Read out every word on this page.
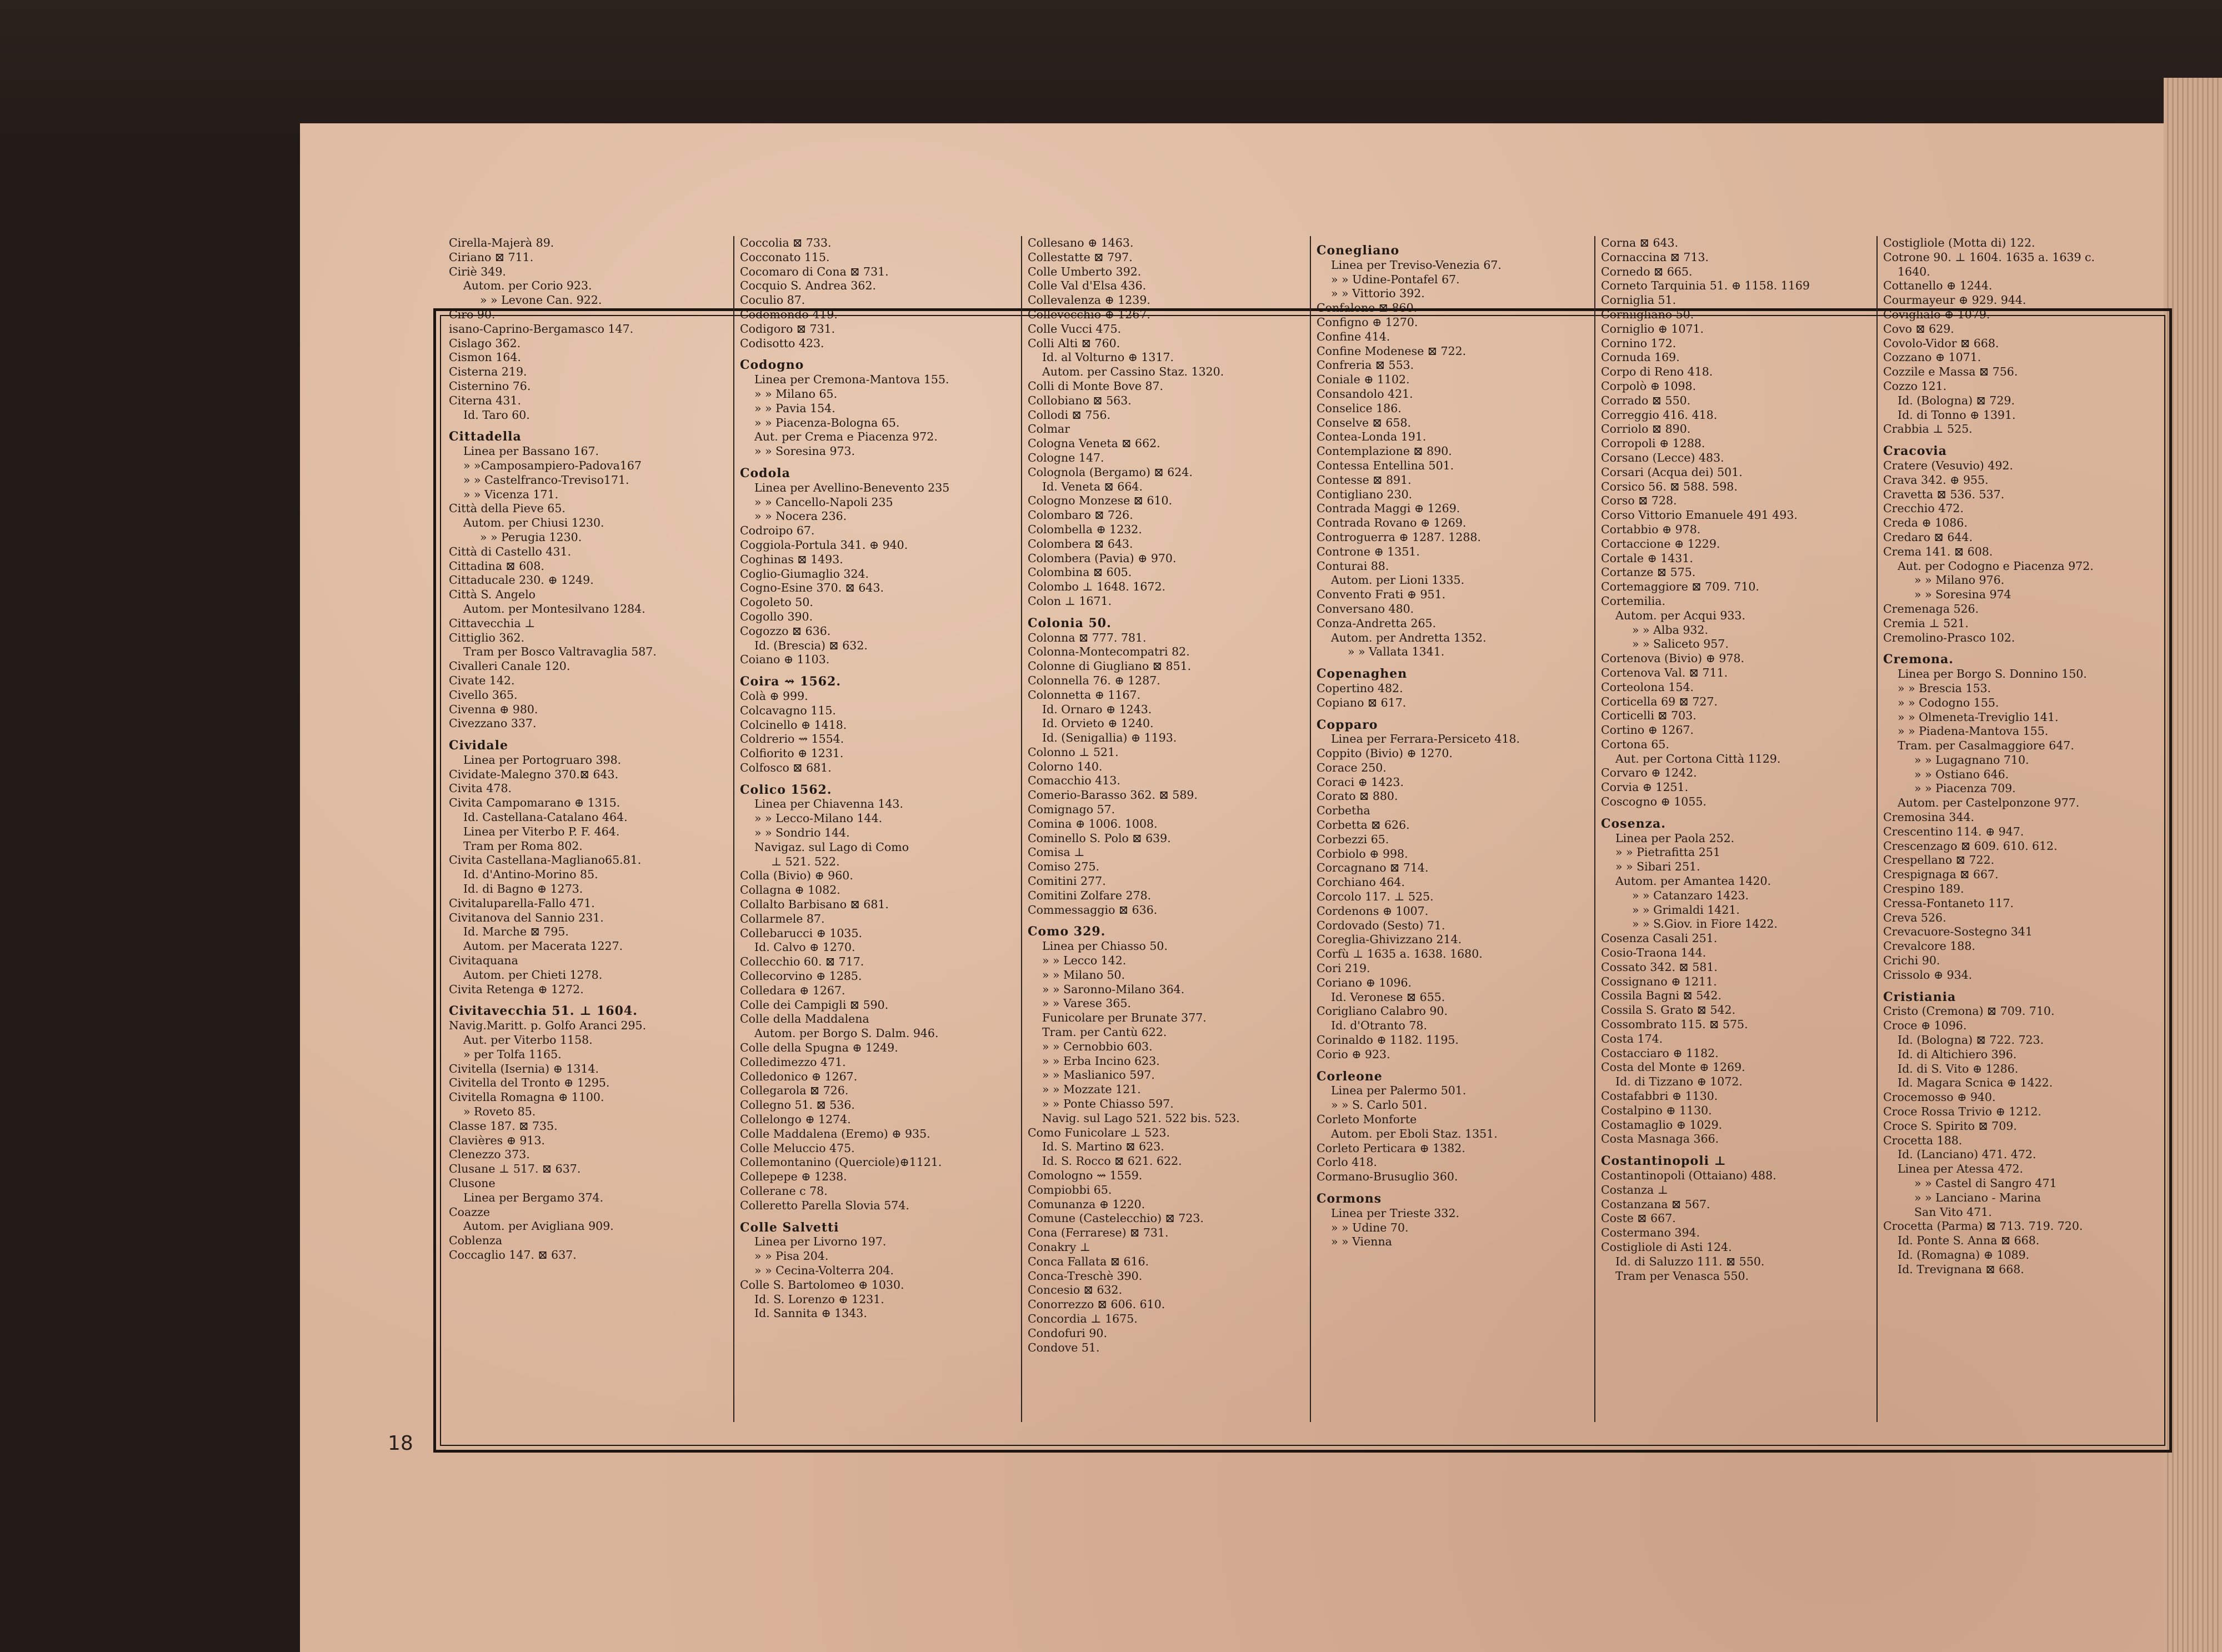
18
Cirella-Majerà 89.
Ciriano ⊠ 711.
Ciriè 349.
Autom. per Corio 923.
» » Levone Can. 922.
Cirò 90.
isano-Caprino-Bergamasco 147.
Cislago 362.
Cismon 164.
Cisterna 219.
Cisternino 76.
Citerna 431.
Id. Taro 60.
Cittadella
Linea per Bassano 167.
» »Camposampiero-Padova167
» » Castelfranco-Treviso171.
» » Vicenza 171.
Città della Pieve 65.
Autom. per Chiusi 1230.
» » Perugia 1230.
Città di Castello 431.
Cittadina ⊠ 608.
Cittaducale 230. ⊕ 1249.
Città S. Angelo
Autom. per Montesilvano 1284.
Cittavecchia ⊥
Cittiglio 362.
Tram per Bosco Valtravaglia 587.
Civalleri Canale 120.
Civate 142.
Civello 365.
Civenna ⊕ 980.
Civezzano 337.
Cividale
Linea per Portogruaro 398.
Cividate-Malegno 370.⊠ 643.
Civita 478.
Civita Campomarano ⊕ 1315.
Id. Castellana-Catalano 464.
Linea per Viterbo P. F. 464.
Tram per Roma 802.
Civita Castellana-Magliano65.81.
Id. d'Antino-Morino 85.
Id. di Bagno ⊕ 1273.
Civitaluparella-Fallo 471.
Civitanova del Sannio 231.
Id. Marche ⊠ 795.
Autom. per Macerata 1227.
Civitaquana
Autom. per Chieti 1278.
Civita Retenga ⊕ 1272.
Civitavecchia 51. ⊥ 1604.
Navig.Maritt. p. Golfo Aranci 295.
Aut. per Viterbo 1158.
» per Tolfa 1165.
Civitella (Isernia) ⊕ 1314.
Civitella del Tronto ⊕ 1295.
Civitella Romagna ⊕ 1100.
» Roveto 85.
Classe 187. ⊠ 735.
Clavières ⊕ 913.
Clenezzo 373.
Clusane ⊥ 517. ⊠ 637.
Clusone
Linea per Bergamo 374.
Coazze
Autom. per Avigliana 909.
Coblenza
Coccaglio 147. ⊠ 637.
Coccolia ⊠ 733.
Cocconato 115.
Cocomaro di Cona ⊠ 731.
Cocquio S. Andrea 362.
Coculio 87.
Codemondo 419.
Codigoro ⊠ 731.
Codisotto 423.
Codogno
Linea per Cremona-Mantova 155.
» » Milano 65.
» » Pavia 154.
» » Piacenza-Bologna 65.
Aut. per Crema e Piacenza 972.
» » Soresina 973.
Codola
Linea per Avellino-Benevento 235
» » Cancello-Napoli 235
» » Nocera 236.
Codroipo 67.
Coggiola-Portula 341. ⊕ 940.
Coghinas ⊠ 1493.
Coglio-Giumaglio 324.
Cogno-Esine 370. ⊠ 643.
Cogoleto 50.
Cogollo 390.
Cogozzo ⊠ 636.
Id. (Brescia) ⊠ 632.
Coiano ⊕ 1103.
Coira ⇝ 1562.
Colà ⊕ 999.
Colcavagno 115.
Colcinello ⊕ 1418.
Coldrerio ⇝ 1554.
Colfiorito ⊕ 1231.
Colfosco ⊠ 681.
Colico 1562.
Linea per Chiavenna 143.
» » Lecco-Milano 144.
» » Sondrio 144.
Navigaz. sul Lago di Como
⊥ 521. 522.
Colla (Bivio) ⊕ 960.
Collagna ⊕ 1082.
Collalto Barbisano ⊠ 681.
Collarmele 87.
Collebarucci ⊕ 1035.
Id. Calvo ⊕ 1270.
Collecchio 60. ⊠ 717.
Collecorvino ⊕ 1285.
Colledara ⊕ 1267.
Colle dei Campigli ⊠ 590.
Colle della Maddalena
Autom. per Borgo S. Dalm. 946.
Colle della Spugna ⊕ 1249.
Colledimezzo 471.
Colledonico ⊕ 1267.
Collegarola ⊠ 726.
Collegno 51. ⊠ 536.
Collelongo ⊕ 1274.
Colle Maddalena (Eremo) ⊕ 935.
Colle Meluccio 475.
Collemontanino (Querciole)⊕1121.
Collepepe ⊕ 1238.
Collerane c 78.
Colleretto Parella Slovia 574.
Colle Salvetti
Linea per Livorno 197.
» » Pisa 204.
» » Cecina-Volterra 204.
Colle S. Bartolomeo ⊕ 1030.
Id. S. Lorenzo ⊕ 1231.
Id. Sannita ⊕ 1343.
Collesano ⊕ 1463.
Collestatte ⊠ 797.
Colle Umberto 392.
Colle Val d'Elsa 436.
Collevalenza ⊕ 1239.
Collevecchio ⊕ 1267.
Colle Vucci 475.
Colli Alti ⊠ 760.
Id. al Volturno ⊕ 1317.
Autom. per Cassino Staz. 1320.
Colli di Monte Bove 87.
Collobiano ⊠ 563.
Collodi ⊠ 756.
Colmar
Cologna Veneta ⊠ 662.
Cologne 147.
Colognola (Bergamo) ⊠ 624.
Id. Veneta ⊠ 664.
Cologno Monzese ⊠ 610.
Colombaro ⊠ 726.
Colombella ⊕ 1232.
Colombera ⊠ 643.
Colombera (Pavia) ⊕ 970.
Colombina ⊠ 605.
Colombo ⊥ 1648. 1672.
Colon ⊥ 1671.
Colonia 50.
Colonna ⊠ 777. 781.
Colonna-Montecompatri 82.
Colonne di Giugliano ⊠ 851.
Colonnella 76. ⊕ 1287.
Colonnetta ⊕ 1167.
Id. Ornaro ⊕ 1243.
Id. Orvieto ⊕ 1240.
Id. (Senigallia) ⊕ 1193.
Colonno ⊥ 521.
Colorno 140.
Comacchio 413.
Comerio-Barasso 362. ⊠ 589.
Comignago 57.
Comina ⊕ 1006. 1008.
Cominello S. Polo ⊠ 639.
Comisa ⊥
Comiso 275.
Comitini 277.
Comitini Zolfare 278.
Commessaggio ⊠ 636.
Como 329.
Linea per Chiasso 50.
» » Lecco 142.
» » Milano 50.
» » Saronno-Milano 364.
» » Varese 365.
Funicolare per Brunate 377.
Tram. per Cantù 622.
» » Cernobbio 603.
» » Erba Incino 623.
» » Maslianico 597.
» » Mozzate 121.
» » Ponte Chiasso 597.
Navig. sul Lago 521. 522 bis. 523.
Como Funicolare ⊥ 523.
Id. S. Martino ⊠ 623.
Id. S. Rocco ⊠ 621. 622.
Comologno ⇝ 1559.
Compiobbi 65.
Comunanza ⊕ 1220.
Comune (Castelecchio) ⊠ 723.
Cona (Ferrarese) ⊠ 731.
Conakry ⊥
Conca Fallata ⊠ 616.
Conca-Treschè 390.
Concesio ⊠ 632.
Conorrezzo ⊠ 606. 610.
Concordia ⊥ 1675.
Condofuri 90.
Condove 51.
Conegliano
Linea per Treviso-Venezia 67.
» » Udine-Pontafel 67.
» » Vittorio 392.
Confalone ⊠ 860.
Configno ⊕ 1270.
Confine 414.
Confine Modenese ⊠ 722.
Confreria ⊠ 553.
Coniale ⊕ 1102.
Consandolo 421.
Conselice 186.
Conselve ⊠ 658.
Contea-Londa 191.
Contemplazione ⊠ 890.
Contessa Entellina 501.
Contesse ⊠ 891.
Contigliano 230.
Contrada Maggi ⊕ 1269.
Contrada Rovano ⊕ 1269.
Controguerra ⊕ 1287. 1288.
Controne ⊕ 1351.
Conturai 88.
Autom. per Lioni 1335.
Convento Frati ⊕ 951.
Conversano 480.
Conza-Andretta 265.
Autom. per Andretta 1352.
» » Vallata 1341.
Copenaghen
Copertino 482.
Copiano ⊠ 617.
Copparo
Linea per Ferrara-Persiceto 418.
Coppito (Bivio) ⊕ 1270.
Corace 250.
Coraci ⊕ 1423.
Corato ⊠ 880.
Corbetha
Corbetta ⊠ 626.
Corbezzi 65.
Corbiolo ⊕ 998.
Corcagnano ⊠ 714.
Corchiano 464.
Corcolo 117. ⊥ 525.
Cordenons ⊕ 1007.
Cordovado (Sesto) 71.
Coreglia-Ghivizzano 214.
Corfù ⊥ 1635 a. 1638. 1680.
Cori 219.
Coriano ⊕ 1096.
Id. Veronese ⊠ 655.
Corigliano Calabro 90.
Id. d'Otranto 78.
Corinaldo ⊕ 1182. 1195.
Corio ⊕ 923.
Corleone
Linea per Palermo 501.
» » S. Carlo 501.
Corleto Monforte
Autom. per Eboli Staz. 1351.
Corleto Perticara ⊕ 1382.
Corlo 418.
Cormano-Brusuglio 360.
Cormons
Linea per Trieste 332.
» » Udine 70.
» » Vienna
Corna ⊠ 643.
Cornaccina ⊠ 713.
Cornedo ⊠ 665.
Corneto Tarquinia 51. ⊕ 1158. 1169
Corniglia 51.
Corniigliano 50.
Corniglio ⊕ 1071.
Cornino 172.
Cornuda 169.
Corpo di Reno 418.
Corpolò ⊕ 1098.
Corrado ⊠ 550.
Correggio 416. 418.
Corriolo ⊠ 890.
Corropoli ⊕ 1288.
Corsano (Lecce) 483.
Corsari (Acqua dei) 501.
Corsico 56. ⊠ 588. 598.
Corso ⊠ 728.
Corso Vittorio Emanuele 491 493.
Cortabbio ⊕ 978.
Cortaccione ⊕ 1229.
Cortale ⊕ 1431.
Cortanze ⊠ 575.
Cortemaggiore ⊠ 709. 710.
Cortemilia.
Autom. per Acqui 933.
» » Alba 932.
» » Saliceto 957.
Cortenova (Bivio) ⊕ 978.
Cortenova Val. ⊠ 711.
Corteolona 154.
Corticella 69 ⊠ 727.
Corticelli ⊠ 703.
Cortino ⊕ 1267.
Cortona 65.
Aut. per Cortona Città 1129.
Corvaro ⊕ 1242.
Corvia ⊕ 1251.
Coscogno ⊕ 1055.
Cosenza.
Linea per Paola 252.
» » Pietrafitta 251
» » Sibari 251.
Autom. per Amantea 1420.
» » Catanzaro 1423.
» » Grimaldi 1421.
» » S.Giov. in Fiore 1422.
Cosenza Casali 251.
Cosio-Traona 144.
Cossato 342. ⊠ 581.
Cossignano ⊕ 1211.
Cossila Bagni ⊠ 542.
Cossila S. Grato ⊠ 542.
Cossombrato 115. ⊠ 575.
Costa 174.
Costacciaro ⊕ 1182.
Costa del Monte ⊕ 1269.
Id. di Tizzano ⊕ 1072.
Costafabbri ⊕ 1130.
Costalpino ⊕ 1130.
Costamaglio ⊕ 1029.
Costa Masnaga 366.
Costantinopoli ⊥
Costantinopoli (Ottaiano) 488.
Costanza ⊥
Costanzana ⊠ 567.
Coste ⊠ 667.
Costermano 394.
Costigliole di Asti 124.
Id. di Saluzzo 111. ⊠ 550.
Tram per Venasca 550.
Costigliole (Motta di) 122.
Cotrone 90. ⊥ 1604. 1635 a. 1639 c.
1640.
Cottanello ⊕ 1244.
Courmayeur ⊕ 929. 944.
Coviglialo ⊕ 1079.
Covo ⊠ 629.
Covolo-Vidor ⊠ 668.
Cozzano ⊕ 1071.
Cozzile e Massa ⊠ 756.
Cozzo 121.
Id. (Bologna) ⊠ 729.
Id. di Tonno ⊕ 1391.
Crabbia ⊥ 525.
Cracovia
Cratere (Vesuvio) 492.
Crava 342. ⊕ 955.
Cravetta ⊠ 536. 537.
Crecchio 472.
Creda ⊕ 1086.
Credaro ⊠ 644.
Crema 141. ⊠ 608.
Aut. per Codogno e Piacenza 972.
» » Milano 976.
» » Soresina 974
Cremenaga 526.
Cremia ⊥ 521.
Cremolino-Prasco 102.
Cremona.
Linea per Borgo S. Donnino 150.
» » Brescia 153.
» » Codogno 155.
» » Olmeneta-Treviglio 141.
» » Piadena-Mantova 155.
Tram. per Casalmaggiore 647.
» » Lugagnano 710.
» » Ostiano 646.
» » Piacenza 709.
Autom. per Castelponzone 977.
Cremosina 344.
Crescentino 114. ⊕ 947.
Crescenzago ⊠ 609. 610. 612.
Crespellano ⊠ 722.
Crespignaga ⊠ 667.
Crespino 189.
Cressa-Fontaneto 117.
Creva 526.
Crevacuore-Sostegno 341
Crevalcore 188.
Crichi 90.
Crissolo ⊕ 934.
Cristiania
Cristo (Cremona) ⊠ 709. 710.
Croce ⊕ 1096.
Id. (Bologna) ⊠ 722. 723.
Id. di Altichiero 396.
Id. di S. Vito ⊕ 1286.
Id. Magara Scnica ⊕ 1422.
Crocemosso ⊕ 940.
Croce Rossa Trivio ⊕ 1212.
Croce S. Spirito ⊠ 709.
Crocetta 188.
Id. (Lanciano) 471. 472.
Linea per Atessa 472.
» » Castel di Sangro 471
» » Lanciano - Marina
San Vito 471.
Crocetta (Parma) ⊠ 713. 719. 720.
Id. Ponte S. Anna ⊠ 668.
Id. (Romagna) ⊕ 1089.
Id. Trevignana ⊠ 668.
